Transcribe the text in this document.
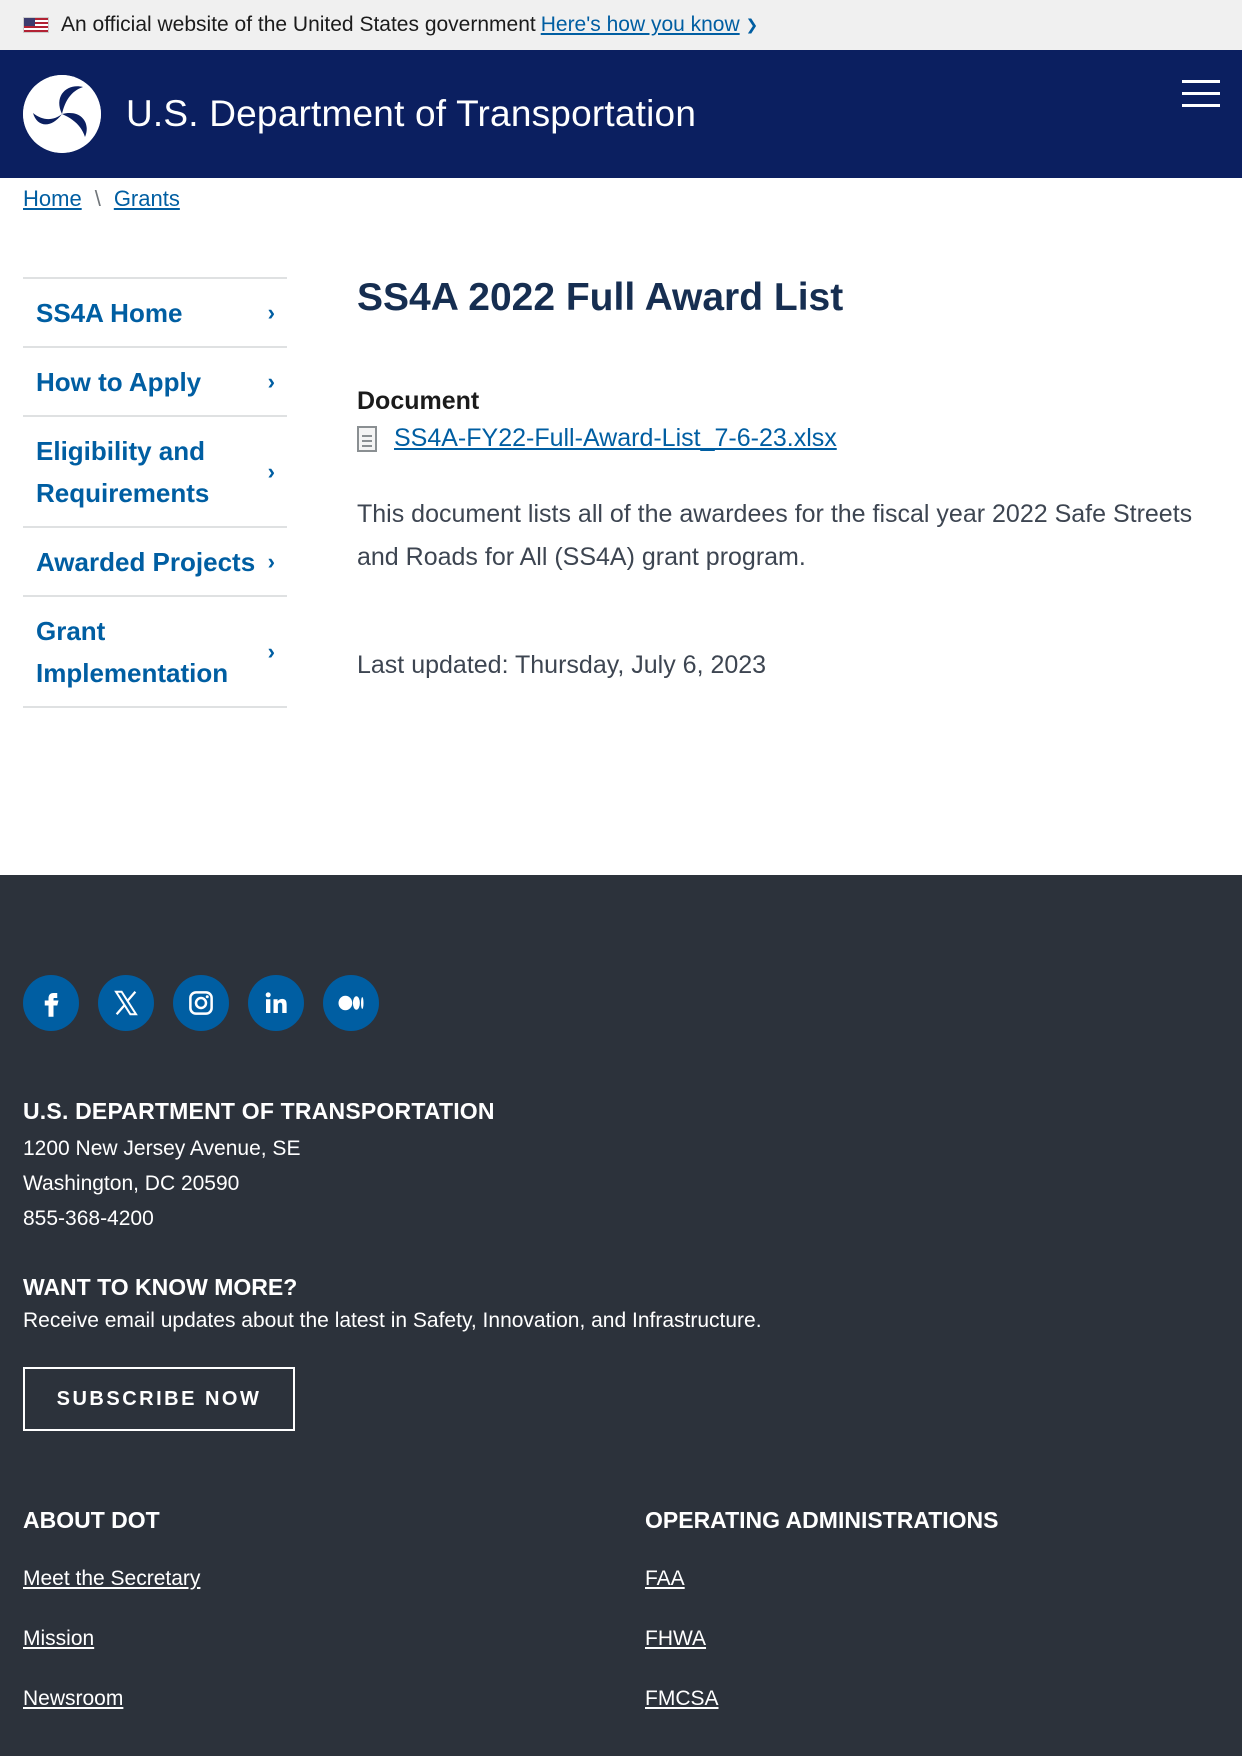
An official website of the United States government Here's how you know ❯
U.S. Department of Transportation
Home \ Grants
SS4A Home	›
How to Apply	›
Eligibility and Requirements
›
Awarded Projects ›
Grant Implementation
›
SS4A 2022 Full Award List
Document
SS4A-FY22-Full-Award-List_7-6-23.xlsx

This document lists all of the awardees for the fiscal year 2022 Safe Streets and Roads for All (SS4A) grant program.

Last updated: Thursday, July 6, 2023

U.S. DEPARTMENT OF TRANSPORTATION
1200 New Jersey Avenue, SE
Washington, DC 20590
855-368-4200
WANT TO KNOW MORE?
Receive email updates about the latest in Safety, Innovation, and Infrastructure.
SUBSCRIBE NOW
ABOUT DOT
Meet the Secretary
Mission
Newsroom
OPERATING ADMINISTRATIONS
FAA
FHWA
FMCSA
